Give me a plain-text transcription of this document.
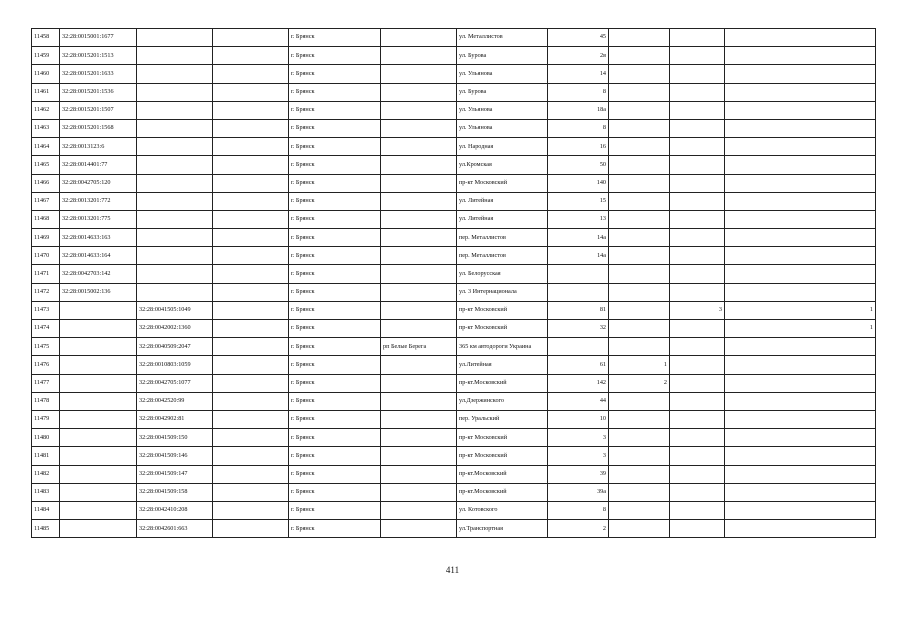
11458	32:28:0015001:1677			г. Брянск		ул. Металлистов	45			
11459	32:28:0015201:1513			г. Брянск		ул. Бурова	2в			
11460	32:28:0015201:1633			г. Брянск		ул. Ульянова	14			
11461	32:28:0015201:1536			г. Брянск		ул. Бурова	8			
11462	32:28:0015201:1507			г. Брянск		ул. Ульянова	18а			
11463	32:28:0015201:1568			г. Брянск		ул. Ульянова	8			
11464	32:28:0013123:6			г. Брянск		ул. Народная	16			
11465	32:28:0014401:77			г. Брянск		ул.Кромская	50			
11466	32:28:0042705:120			г. Брянск		пр-кт Московский	140			
11467	32:28:0013201:772			г. Брянск		ул. Литейная	15			
11468	32:28:0013201:775			г. Брянск		ул. Литейная	13			
11469	32:28:0014633:163			г. Брянск		пер. Металлистов	14а			
11470	32:28:0014633:164			г. Брянск		пер. Металлистов	14а			
11471	32:28:0042703:142			г. Брянск		ул. Белорусская				
11472	32:28:0015002:136			г. Брянск		ул. 3 Интернационала				
11473		32:28:0041505:1049		г. Брянск		пр-кт Московский	81		3	1
11474		32:28:0042002:1360		г. Брянск		пр-кт Московский	32			1
11475		32:28:0040509:2047		г. Брянск	рп Белые Берега	365 км автодороги Украина				
11476		32:28:0010803:1059		г. Брянск		ул.Литейная	61	1		
11477		32:28:0042705:1077		г. Брянск		пр-кт.Московский	142	2		
11478		32:28:0042520:99		г. Брянск		ул.Дзержинского	44			
11479		32:28:0042902:81		г. Брянск		пер. Уральский	10			
11480		32:28:0041509:150		г. Брянск		пр-кт Московский	3			
11481		32:28:0041509:146		г. Брянск		пр-кт Московский	3			
11482		32:28:0041509:147		г. Брянск		пр-кт.Московский	39			
11483		32:28:0041509:158		г. Брянск		пр-кт.Московский	39а			
11484		32:28:0042410:208		г. Брянск		ул. Котовского	8			
11485		32:28:0042601:663		г. Брянск		ул.Транспортная	2			
411
